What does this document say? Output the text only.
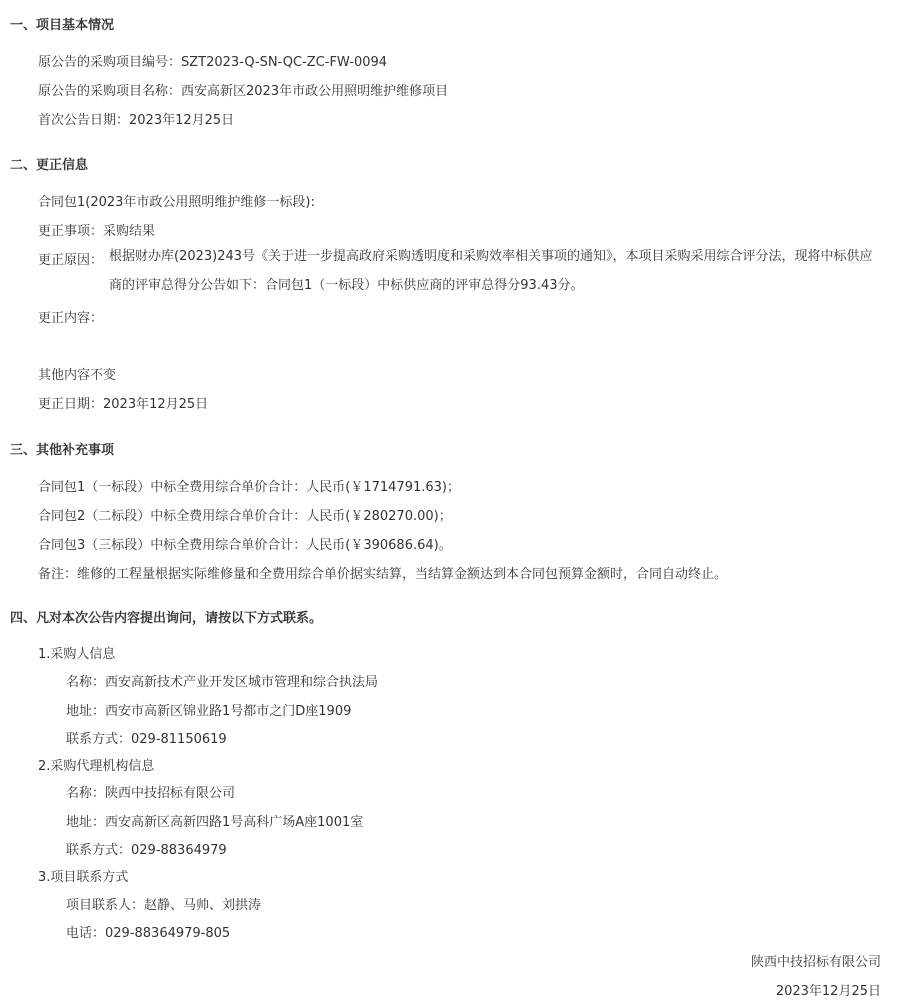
一、项目基本情况
原公告的采购项目编号：SZT2023-Q-SN-QC-ZC-FW-0094
原公告的采购项目名称：西安高新区2023年市政公用照明维护维修项目
首次公告日期：2023年12月25日
二、更正信息
合同包1(2023年市政公用照明维护维修一标段):
更正事项：采购结果
更正原因： 根据财办库(2023)243号《关于进一步提高政府采购透明度和采购效率相关事项的通知》，本项目采购采用综合评分法，现将中标供应商的评审总得分公告如下：合同包1（一标段）中标供应商的评审总得分93.43分。
更正内容：
其他内容不变
更正日期：2023年12月25日
三、其他补充事项
合同包1（一标段）中标全费用综合单价合计：人民币(￥1714791.63)；
合同包2（二标段）中标全费用综合单价合计：人民币(￥280270.00)；
合同包3（三标段）中标全费用综合单价合计：人民币(￥390686.64)。
备注：维修的工程量根据实际维修量和全费用综合单价据实结算，当结算金额达到本合同包预算金额时，合同自动终止。
四、凡对本次公告内容提出询问，请按以下方式联系。
1.采购人信息
名称：西安高新技术产业开发区城市管理和综合执法局
地址：西安市高新区锦业路1号都市之门D座1909
联系方式：029-81150619
2.采购代理机构信息
名称：陕西中技招标有限公司
地址：西安高新区高新四路1号高科广场A座1001室
联系方式：029-88364979
3.项目联系方式
项目联系人：赵静、马帅、刘拱涛
电话：029-88364979-805
陕西中技招标有限公司
2023年12月25日
